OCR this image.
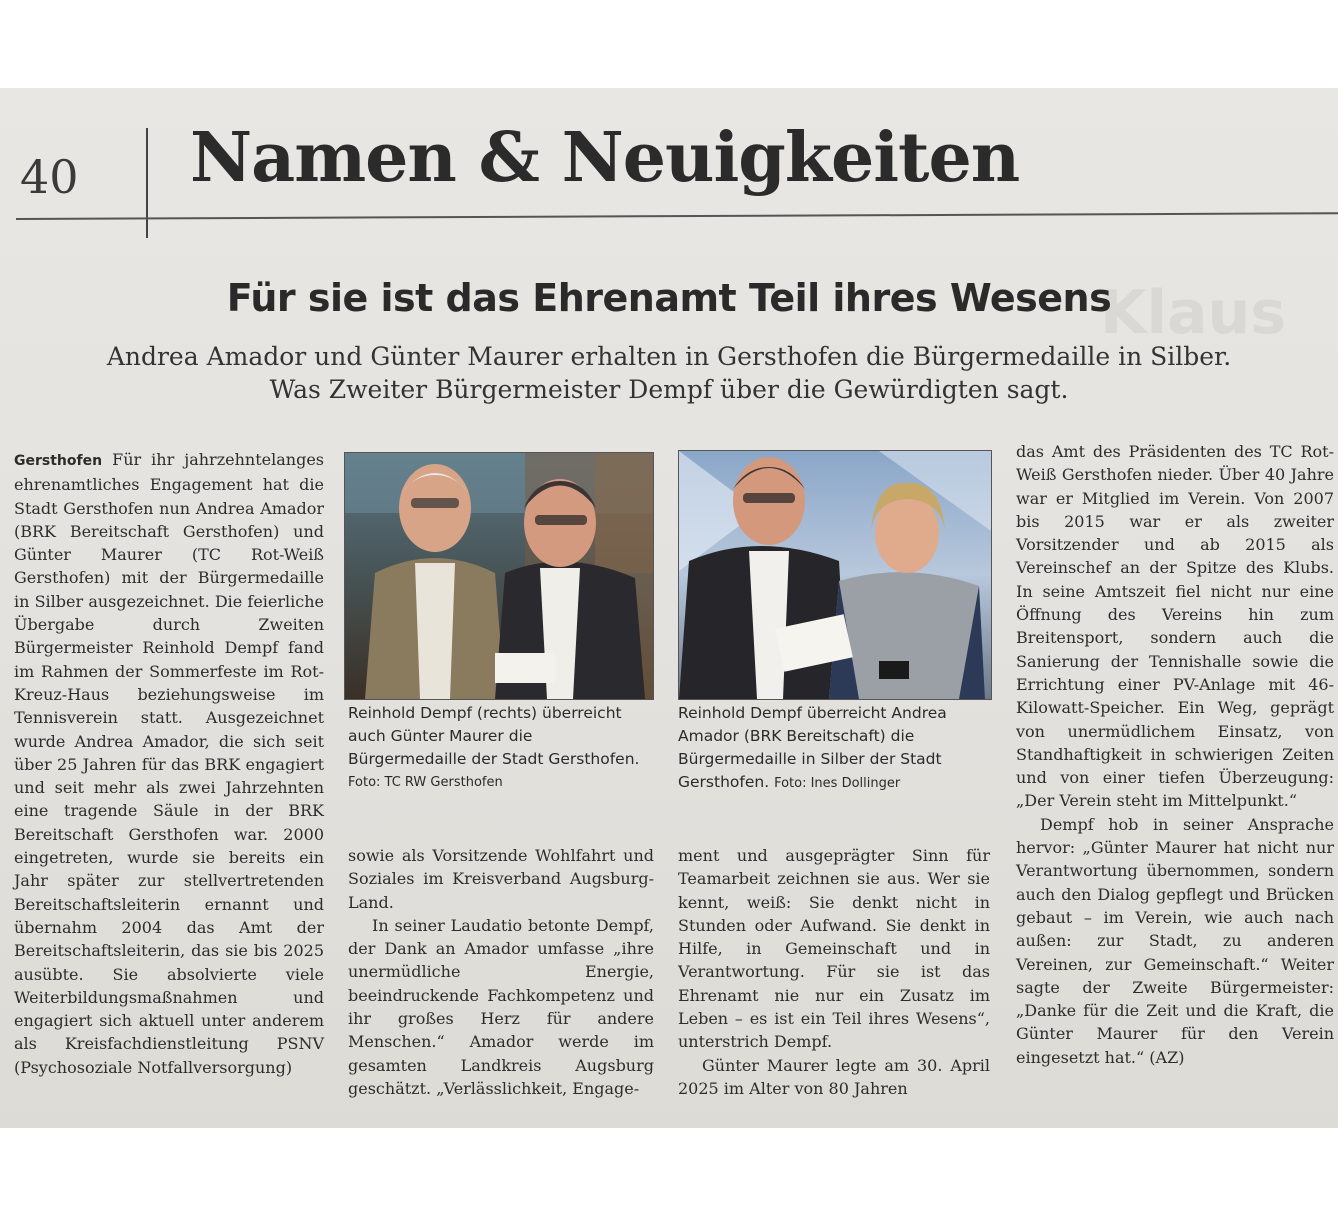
Klaus
40 Namen & Neuigkeiten
Für sie ist das Ehrenamt Teil ihres Wesens
Andrea Amador und Günter Maurer erhalten in Gersthofen die Bürgermedaille in Silber.
Was Zweiter Bürgermeister Dempf über die Gewürdigten sagt.

Gersthofen Für ihr jahrzehntelanges ehrenamtliches Engagement hat die Stadt Gersthofen nun Andrea Amador (BRK Bereitschaft Gersthofen) und Günter Maurer (TC Rot-Weiß Gersthofen) mit der Bürgermedaille in Silber ausgezeichnet. Die feierliche Übergabe durch Zweiten Bürgermeister Reinhold Dempf fand im Rahmen der Sommerfeste im Rot-Kreuz-Haus beziehungsweise im Tennisverein statt. Ausgezeichnet wurde Andrea Amador, die sich seit über 25 Jahren für das BRK engagiert und seit mehr als zwei Jahrzehnten eine tragende Säule in der BRK Bereitschaft Gersthofen war. 2000 eingetreten, wurde sie bereits ein Jahr später zur stellvertretenden Bereitschaftsleiterin ernannt und übernahm 2004 das Amt der Bereitschaftsleiterin, das sie bis 2025 ausübte. Sie absolvierte viele Weiterbildungsmaßnahmen und engagiert sich aktuell unter anderem als Kreisfachdienstleitung PSNV (Psychosoziale Notfallversorgung)

Reinhold Dempf (rechts) überreicht auch Günter Maurer die Bürgermedaille der Stadt Gersthofen.
Foto: TC RW Gersthofen
Reinhold Dempf überreicht Andrea Amador (BRK Bereitschaft) die Bürgermedaille in Silber der Stadt Gersthofen. Foto: Ines Dollinger

sowie als Vorsitzende Wohlfahrt und Soziales im Kreisverband Augsburg-Land.

In seiner Laudatio betonte Dempf, der Dank an Amador umfasse „ihre unermüdliche Energie, beeindruckende Fachkompetenz und ihr großes Herz für andere Menschen.“ Amador werde im gesamten Landkreis Augsburg geschätzt. „Verlässlichkeit, Engage-

ment und ausgeprägter Sinn für Teamarbeit zeichnen sie aus. Wer sie kennt, weiß: Sie denkt nicht in Stunden oder Aufwand. Sie denkt in Hilfe, in Gemeinschaft und in Verantwortung. Für sie ist das Ehrenamt nie nur ein Zusatz im Leben – es ist ein Teil ihres Wesens“, unterstrich Dempf.

Günter Maurer legte am 30. April 2025 im Alter von 80 Jahren

das Amt des Präsidenten des TC Rot-Weiß Gersthofen nieder. Über 40 Jahre war er Mitglied im Verein. Von 2007 bis 2015 war er als zweiter Vorsitzender und ab 2015 als Vereinschef an der Spitze des Klubs. In seine Amtszeit fiel nicht nur eine Öffnung des Vereins hin zum Breitensport, sondern auch die Sanierung der Tennishalle sowie die Errichtung einer PV-Anlage mit 46-Kilowatt-Speicher. Ein Weg, geprägt von unermüdlichem Einsatz, von Standhaftigkeit in schwierigen Zeiten und von einer tiefen Überzeugung: „Der Verein steht im Mittelpunkt.“

Dempf hob in seiner Ansprache hervor: „Günter Maurer hat nicht nur Verantwortung übernommen, sondern auch den Dialog gepflegt und Brücken gebaut – im Verein, wie auch nach außen: zur Stadt, zu anderen Vereinen, zur Gemeinschaft.“ Weiter sagte der Zweite Bürgermeister: „Danke für die Zeit und die Kraft, die Günter Maurer für den Verein eingesetzt hat.“ (AZ)
